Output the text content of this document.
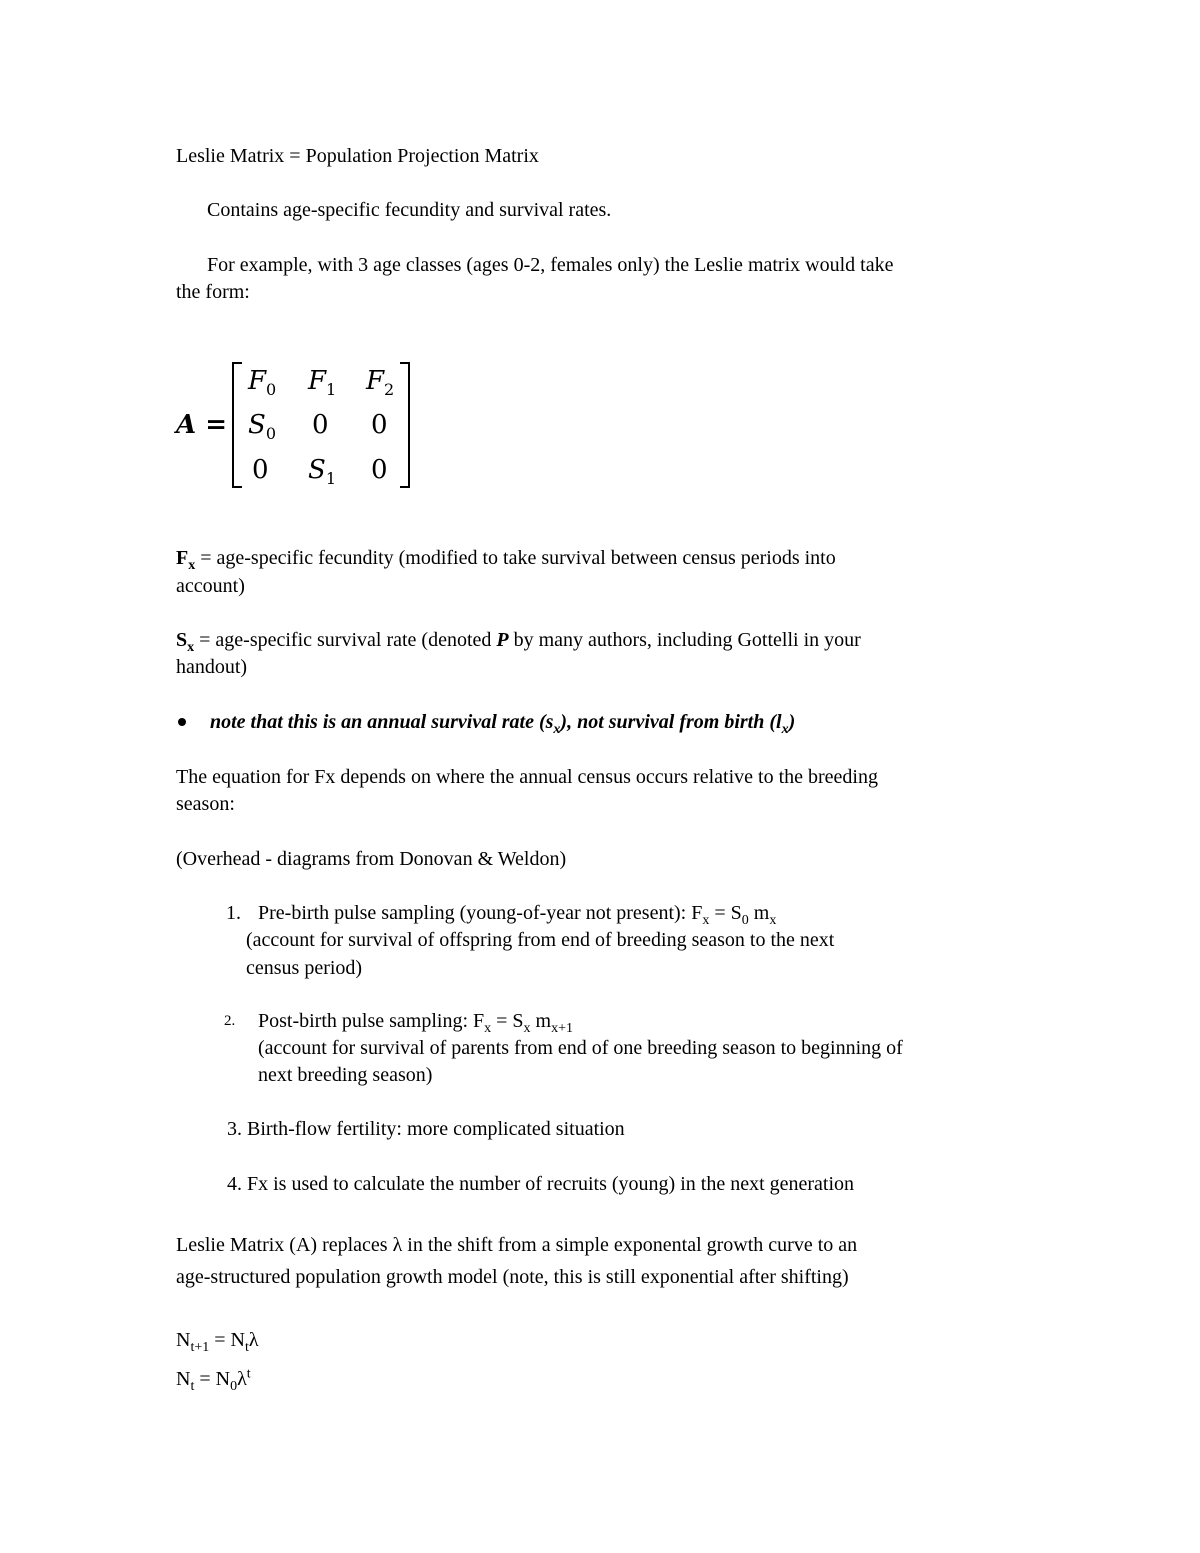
Leslie Matrix = Population Projection Matrix
Contains age-specific fecundity and survival rates.
For example, with 3 age classes (ages 0-2, females only) the Leslie matrix would take
the form:
A =
$F_0$ $F_1$ $F_2$
$S_0$ 0 0
0 $S_1$ 0
$F_x$ = age-specific fecundity (modified to take survival between census periods into
account)
$S_x$ = age-specific survival rate (denoted P by many authors, including Gottelli in your
handout)
note that this is an annual survival rate $(s_x)$, not survival from birth $(l_x)$
The equation for Fx depends on where the annual census occurs relative to the breeding
season:
(Overhead - diagrams from Donovan & Weldon)
1. Pre-birth pulse sampling (young-of-year not present): $F_x = S_0$ $m_x$
(account for survival of offspring from end of breeding season to the next
census period)
2. Post-birth pulse sampling: $F_x = S_x$ $m_{x+1}$
(account for survival of parents from end of one breeding season to beginning of
next breeding season)
3. Birth-flow fertility: more complicated situation
4. Fx is used to calculate the number of recruits (young) in the next generation
Leslie Matrix (A) replaces λ in the shift from a simple exponental growth curve to an
age-structured population growth model (note, this is still exponential after shifting)
$N_{t+1} = N_t\lambda$
$N_t = N_0\lambda^t$
